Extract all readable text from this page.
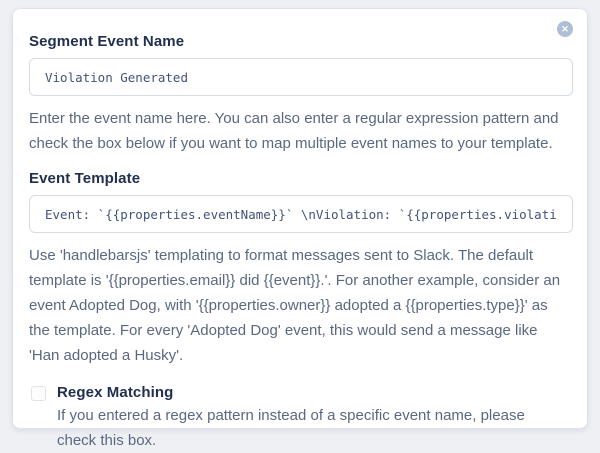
✕
Segment Event Name
Violation Generated
Enter the event name here. You can also enter a regular expression pattern and check the box below if you want to map multiple event names to your template.
Event Template
Event: `{{properties.eventName}}` \nViolation: `{{properties.violatio
Use 'handlebarsjs' templating to format messages sent to Slack. The default template is '{{properties.email}} did {{event}}.'. For another example, consider an event Adopted Dog, with '{{properties.owner}} adopted a {{properties.type}}' as the template. For every 'Adopted Dog' event, this would send a message like 'Han adopted a Husky'.
Regex Matching
If you entered a regex pattern instead of a specific event name, please check this box.
